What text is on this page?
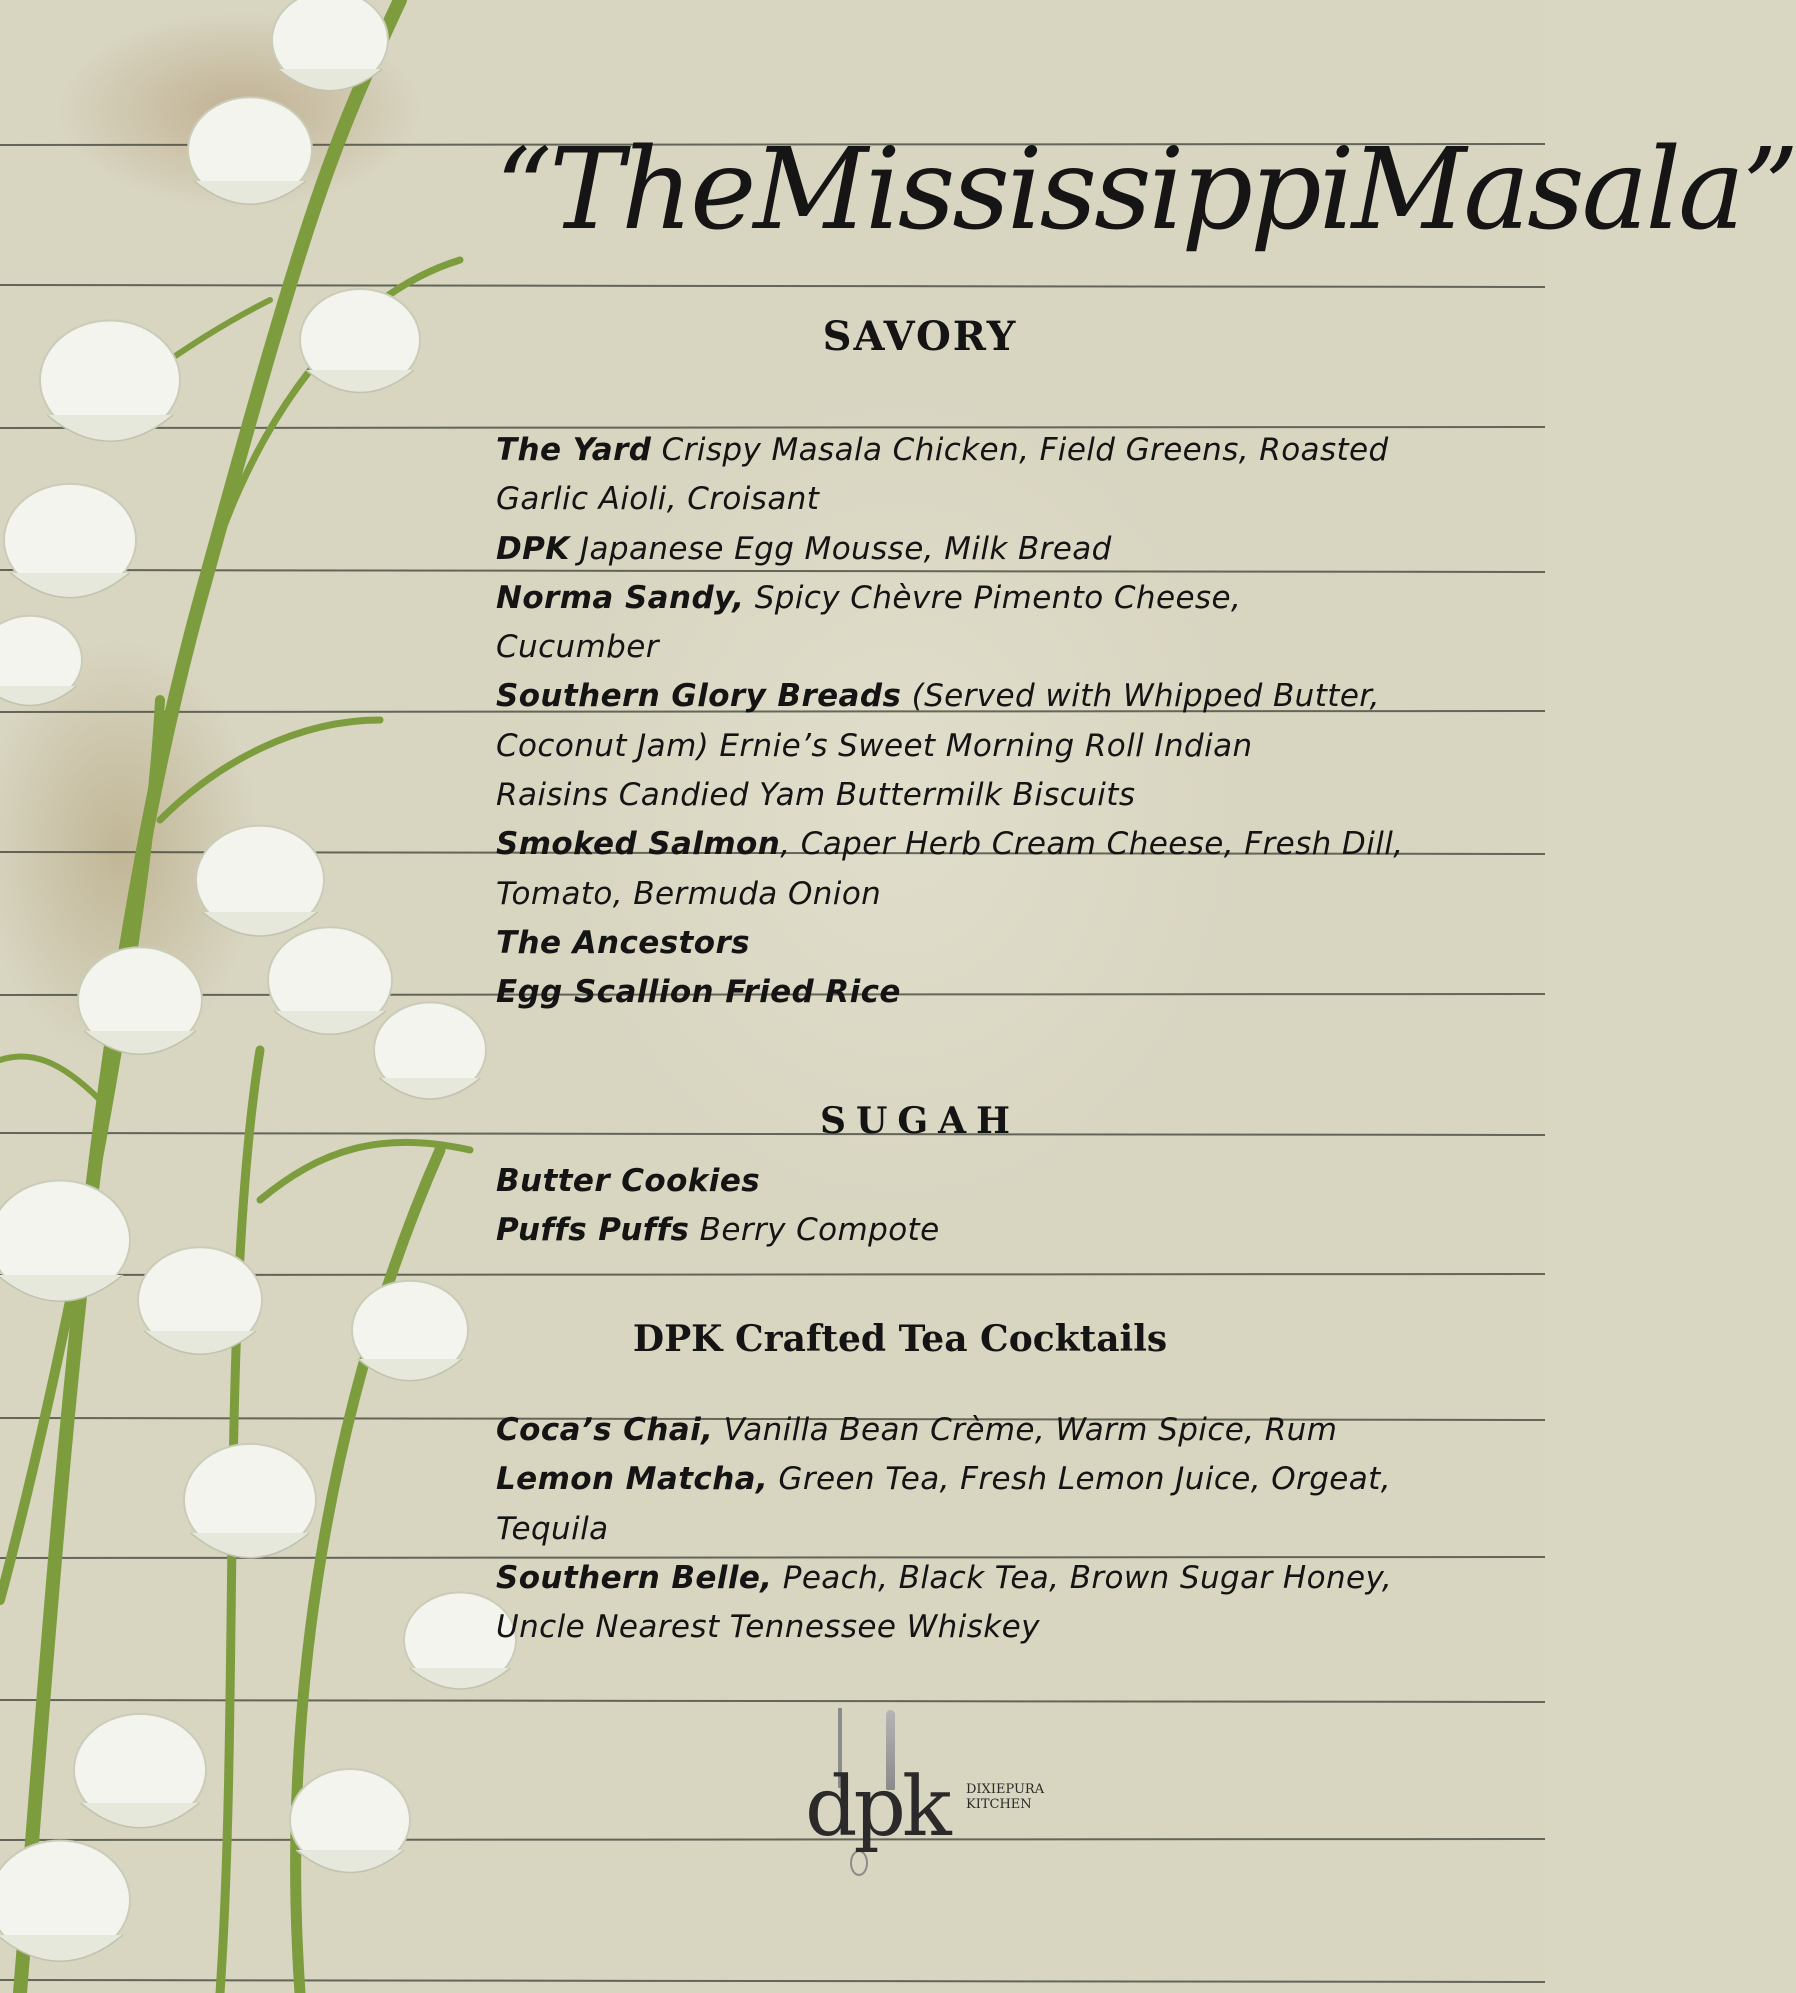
“TheMississippiMasala”
SAVORY
The Yard Crispy Masala Chicken, Field Greens, Roasted
Garlic Aioli, Croisant
DPK Japanese Egg Mousse, Milk Bread
Norma Sandy, Spicy Chèvre Pimento Cheese,
Cucumber
Southern Glory Breads (Served with Whipped Butter,
Coconut Jam) Ernie’s Sweet Morning Roll Indian
Raisins Candied Yam Buttermilk Biscuits
Smoked Salmon, Caper Herb Cream Cheese, Fresh Dill,
Tomato, Bermuda Onion
The Ancestors
Egg Scallion Fried Rice
SUGAH
Butter Cookies
Puffs Puffs Berry Compote
DPK Crafted Tea Cocktails
Coca’s Chai, Vanilla Bean Crème, Warm Spice, Rum
Lemon Matcha, Green Tea, Fresh Lemon Juice, Orgeat,
Tequila
Southern Belle, Peach, Black Tea, Brown Sugar Honey,
Uncle Nearest Tennessee Whiskey
dpk DIXIEPURA
KITCHEN
